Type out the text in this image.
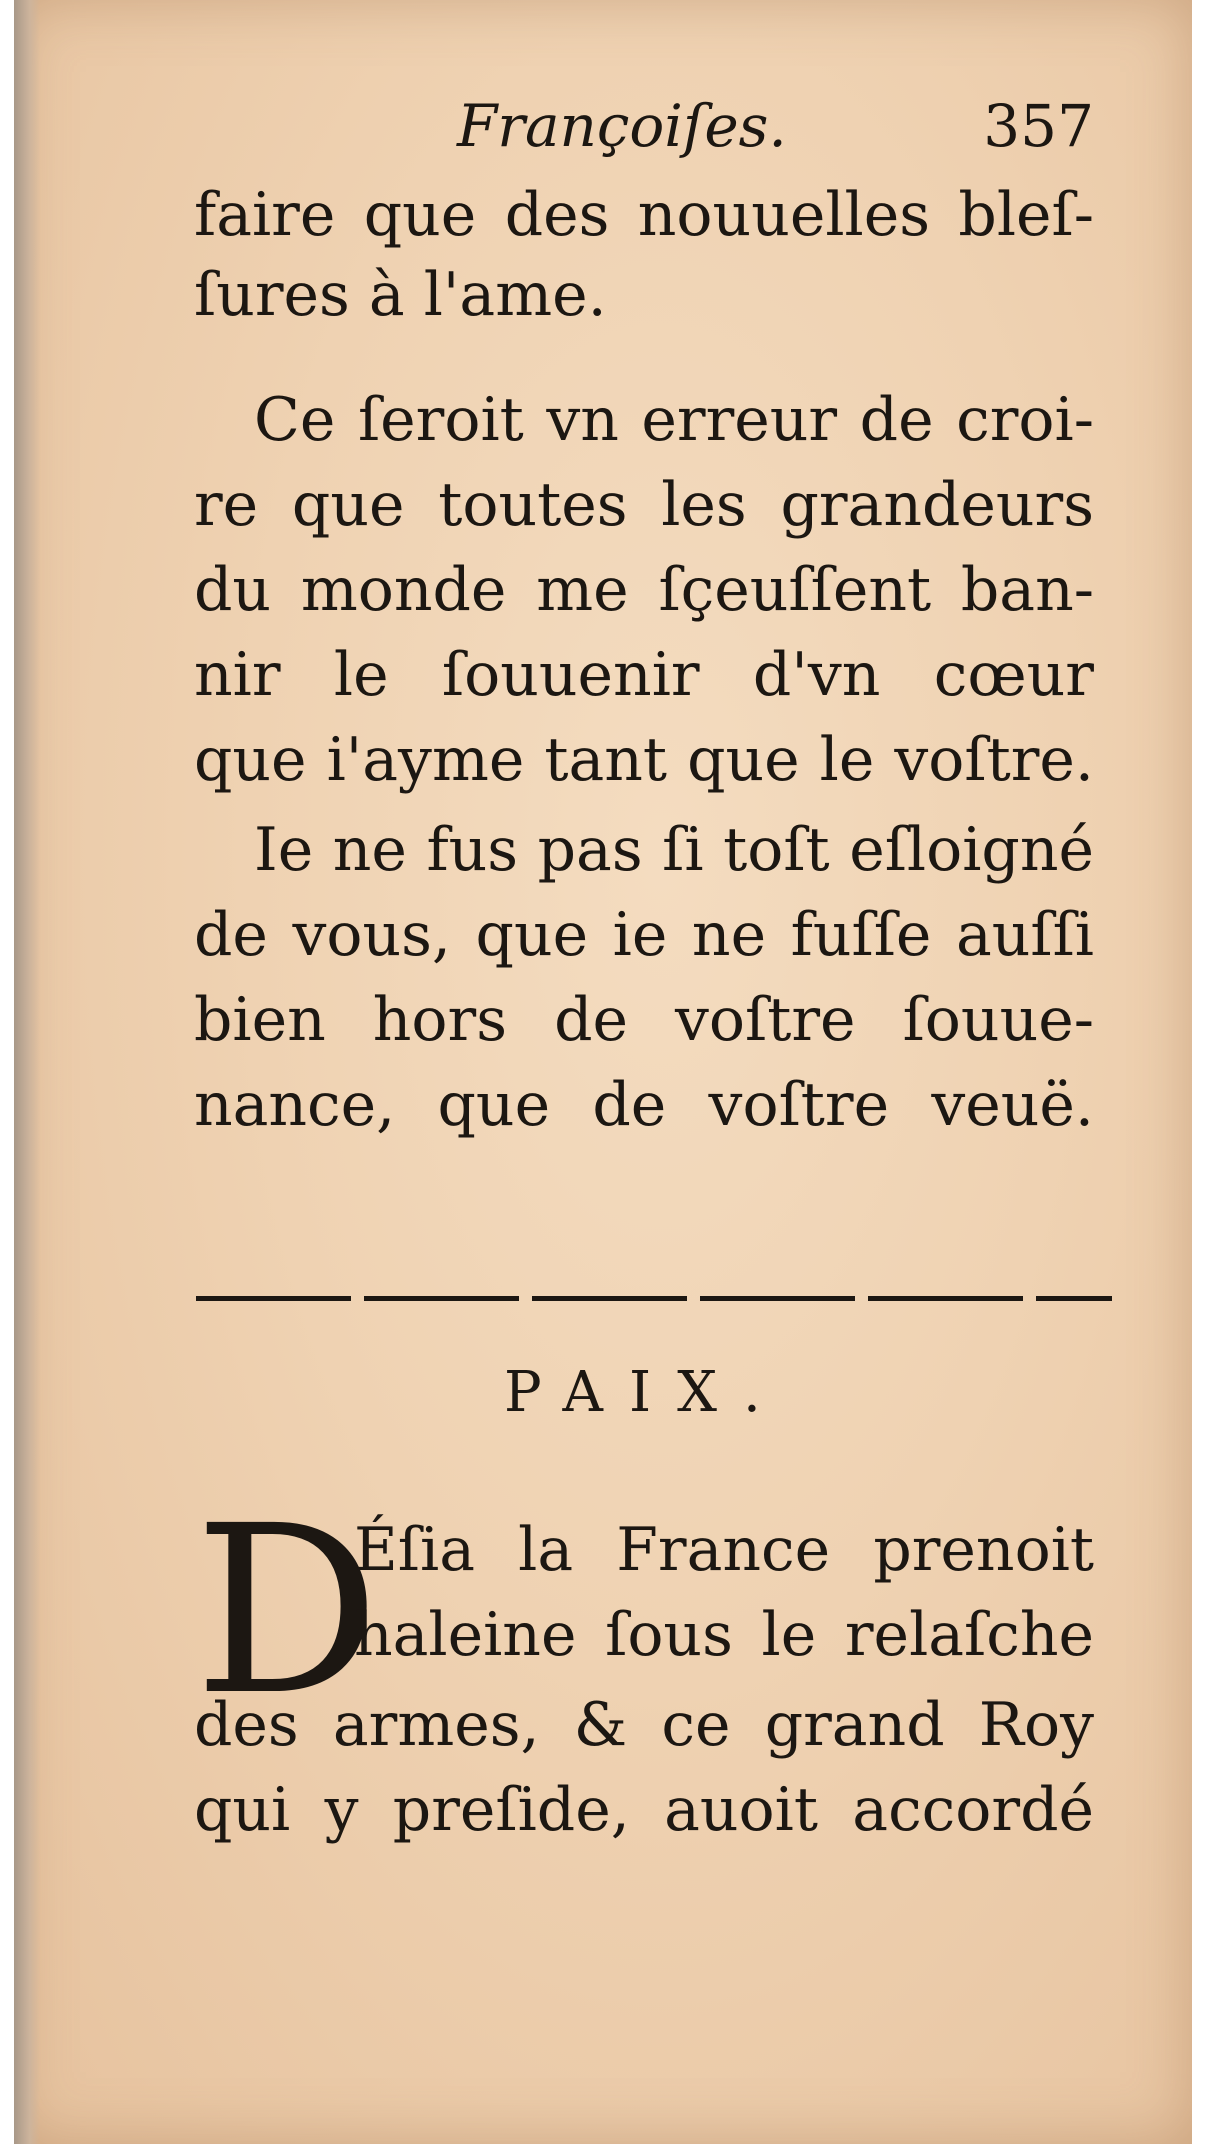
Françoiſes.	357
faire que des nouuelles bleſ-
ſures à l'ame.
Ce ſeroit vn erreur de croi-
re que toutes les grandeurs
du monde me ſçeuſſent ban-
nir le ſouuenir d'vn cœur
que i'ayme tant que le voſtre.
Ie ne fus pas ſi toſt eſloigné
de vous, que ie ne fuſſe auſſi
bien hors de voſtre ſouue-
nance, que de voſtre veuë.
PAIX.
D
Éſia la France prenoit
haleine ſous le relaſche
des armes, & ce grand Roy
qui y preſide, auoit accordé
